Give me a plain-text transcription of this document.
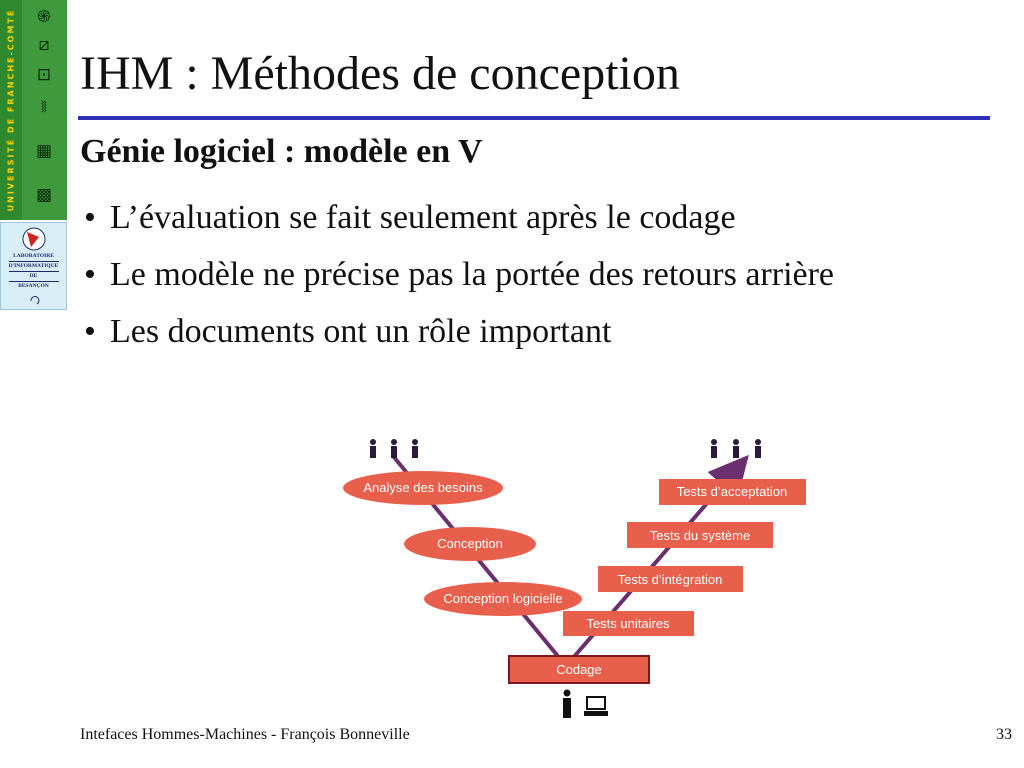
UNIVERSITÉ DE FRANCHE-COMTÉ ֍
⧄
⊡
⧚
▦
▩
LABORATOIRE
D'INFORMATIQUE
DE
BESANÇON
IHM : Méthodes de conception
Génie logiciel : modèle en V
• L’évaluation se fait seulement après le codage
• Le modèle ne précise pas la portée des retours arrière
• Les documents ont un rôle important
Analyse des besoins
Conception
Conception logicielle
Codage
Tests unitaires
Tests d’intégration
Tests du système
Tests d’acceptation
Intefaces Hommes-Machines - François Bonneville	33
